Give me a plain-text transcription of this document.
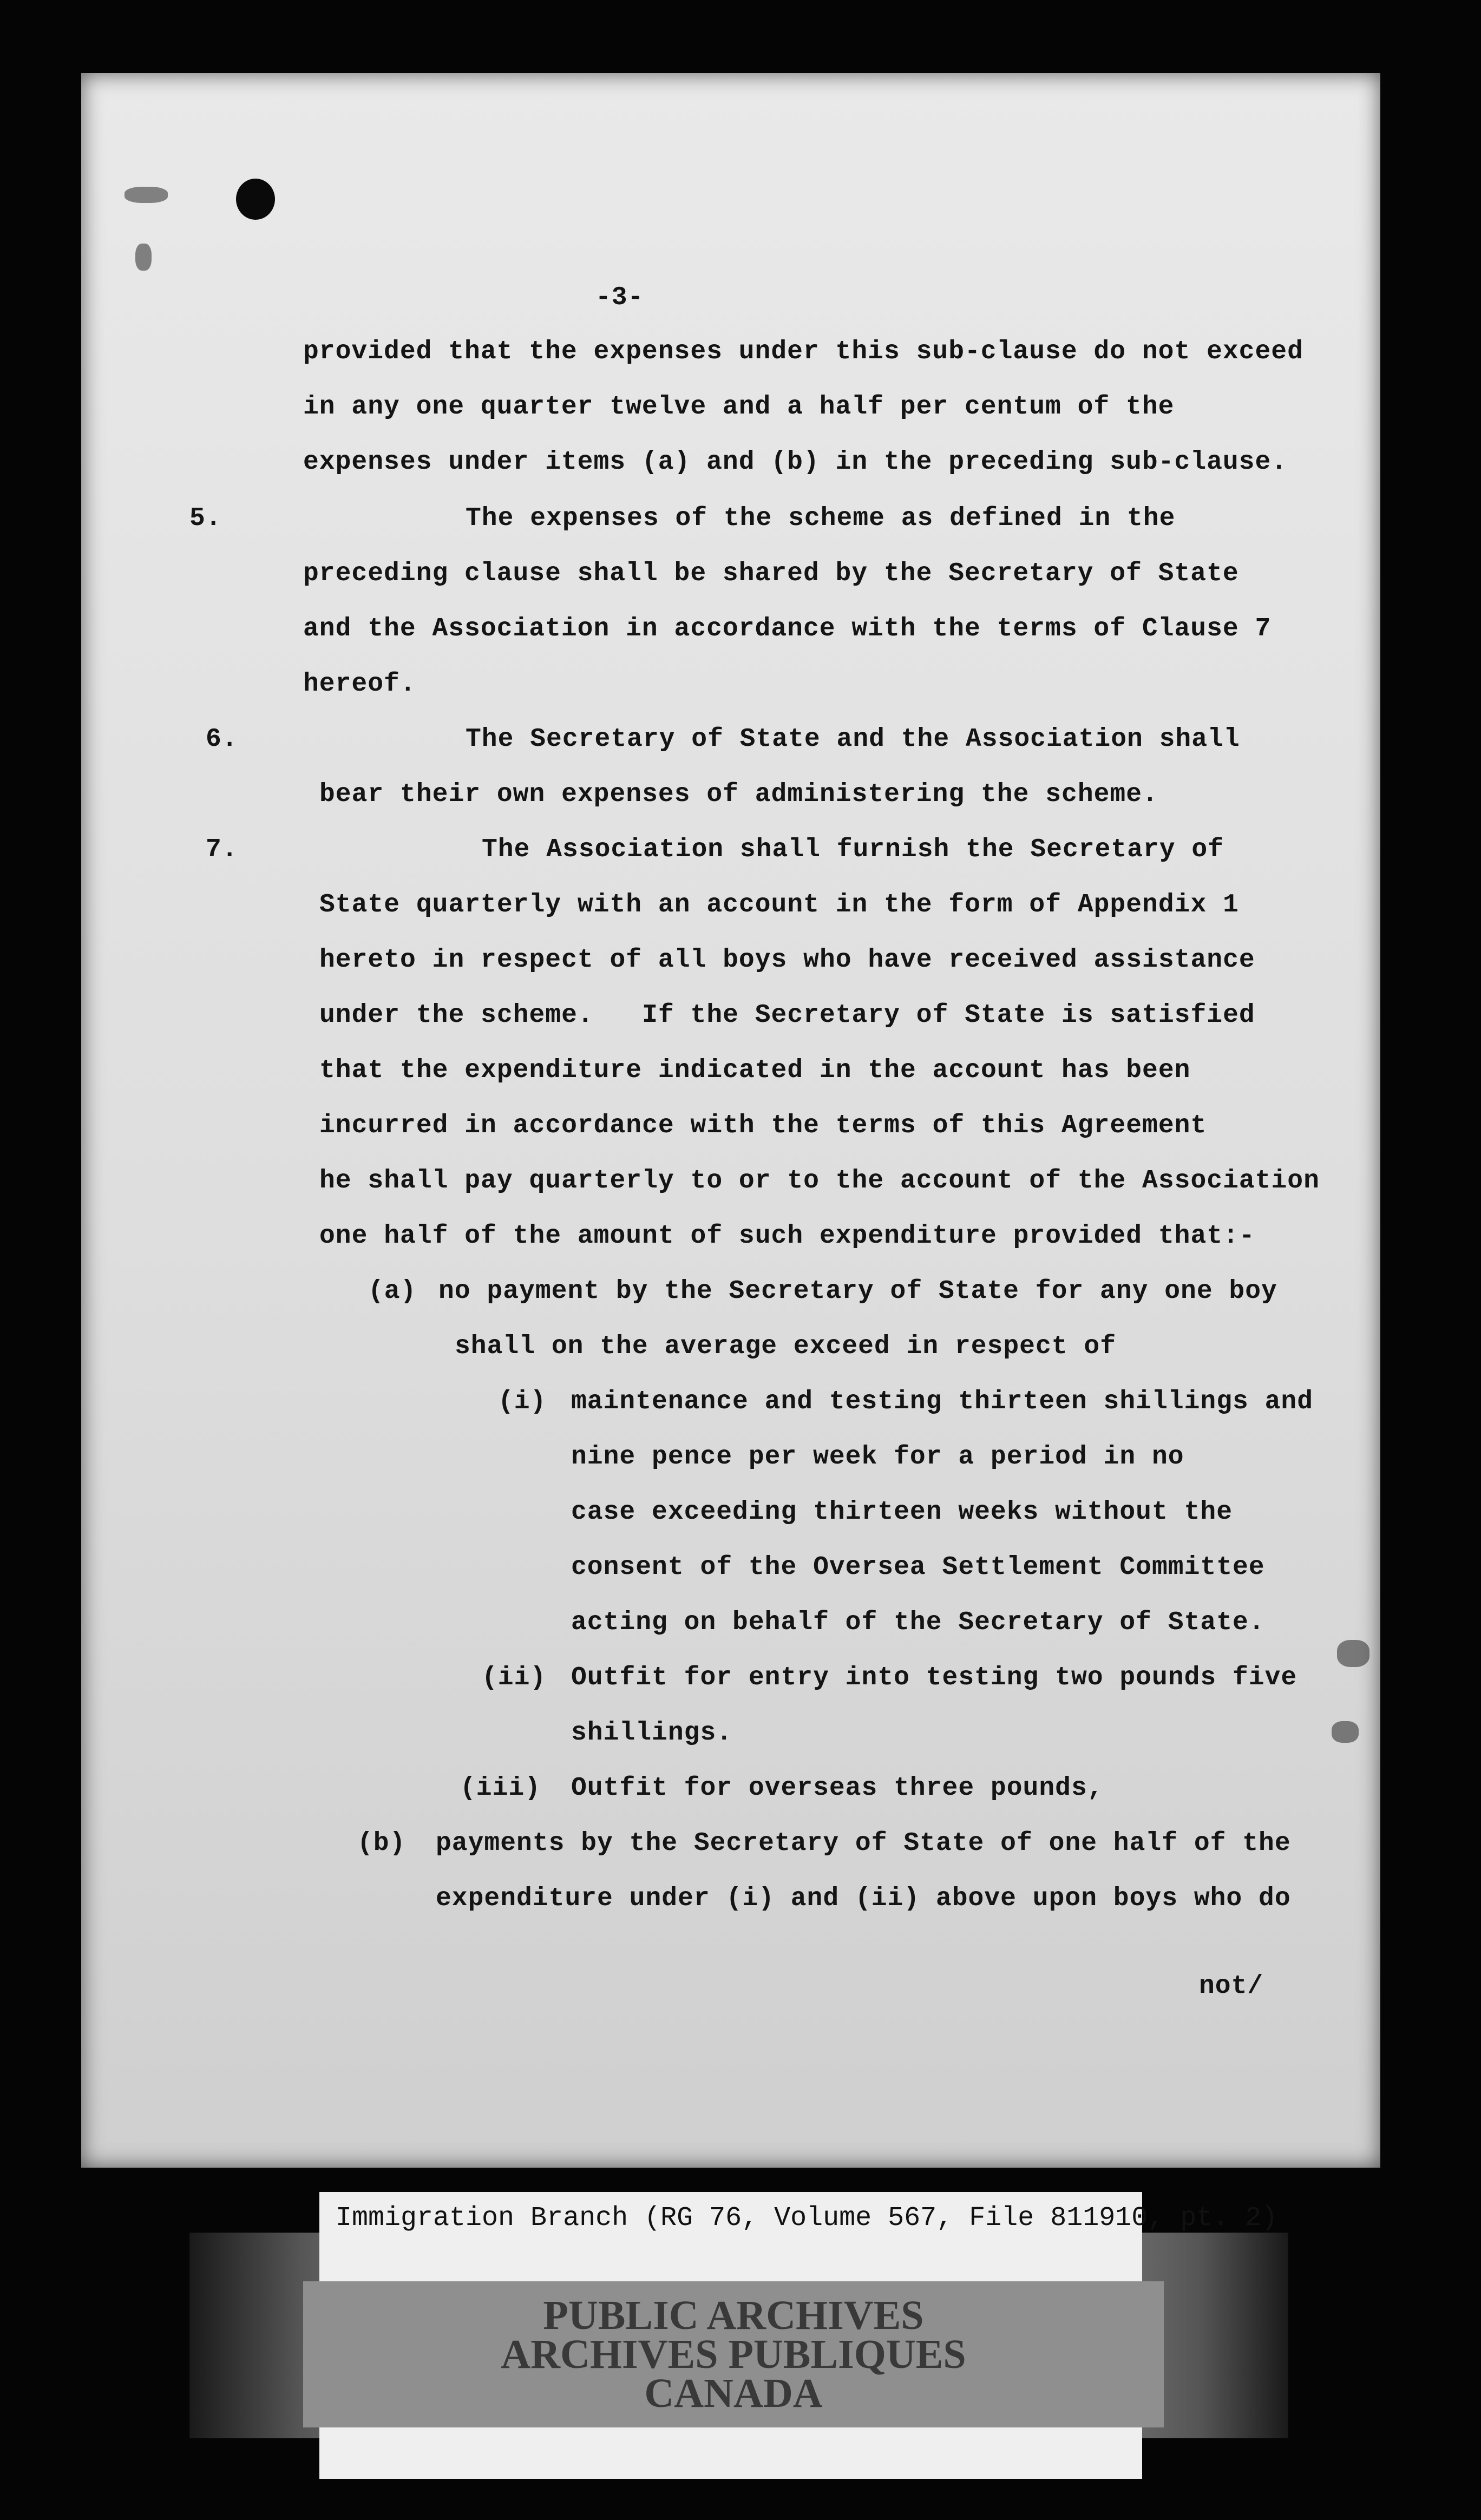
-3-
provided that the expenses under this sub-clause do not exceed
in any one quarter twelve and a half per centum of the
expenses under items (a) and (b) in the preceding sub-clause.
5.	The expenses of the scheme as defined in the
preceding clause shall be shared by the Secretary of State
and the Association in accordance with the terms of Clause 7
hereof.
6.	The Secretary of State and the Association shall
bear their own expenses of administering the scheme.
7.	The Association shall furnish the Secretary of
State quarterly with an account in the form of Appendix 1
hereto in respect of all boys who have received assistance
under the scheme.   If the Secretary of State is satisfied
that the expenditure indicated in the account has been
incurred in accordance with the terms of this Agreement
he shall pay quarterly to or to the account of the Association
one half of the amount of such expenditure provided that:-
(a) no payment by the Secretary of State for any one boy
shall on the average exceed in respect of
(i) maintenance and testing thirteen shillings and
nine pence per week for a period in no
case exceeding thirteen weeks without the
consent of the Oversea Settlement Committee
acting on behalf of the Secretary of State.
(ii) Outfit for entry into testing two pounds five
shillings.
(iii) Outfit for overseas three pounds,
(b) payments by the Secretary of State of one half of the
expenditure under (i) and (ii) above upon boys who do
not/
Immigration Branch (RG 76, Volume 567, File 811910, pt. 2)
PUBLIC ARCHIVES
ARCHIVES PUBLIQUES
CANADA
